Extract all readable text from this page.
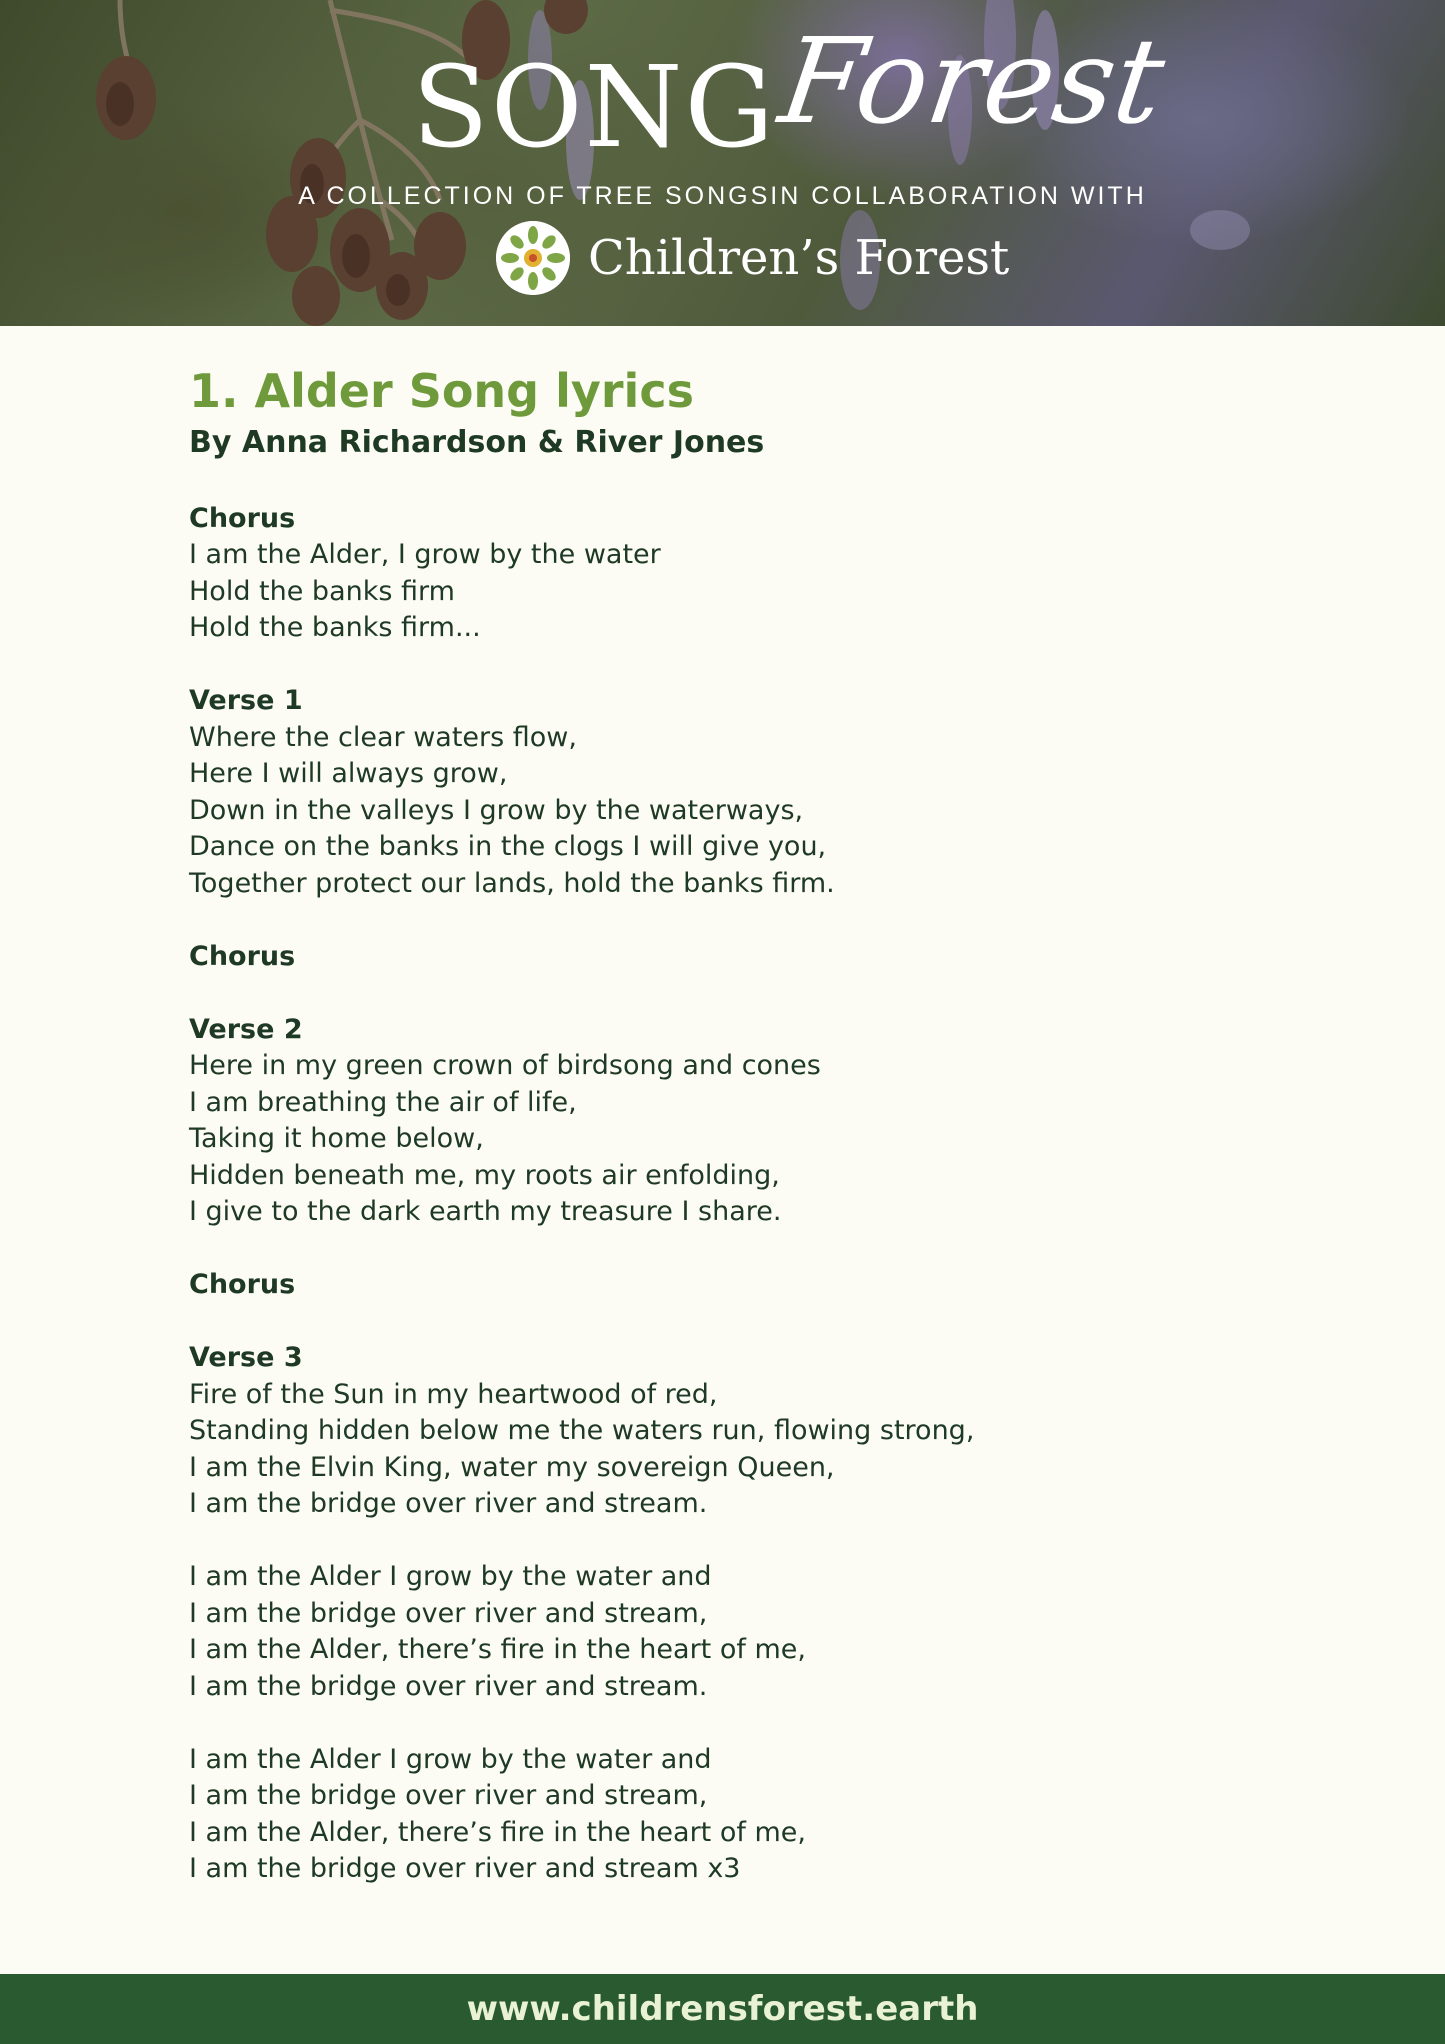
SONG
Forest
A COLLECTION OF TREE SONGSIN COLLABORATION WITH
Children’s Forest
1. Alder Song lyrics
By Anna Richardson & River Jones
Chorus
I am the Alder, I grow by the water
Hold the banks firm
Hold the banks firm...
Verse 1
Where the clear waters flow,
Here I will always grow,
Down in the valleys I grow by the waterways,
Dance on the banks in the clogs I will give you,
Together protect our lands, hold the banks firm.
Chorus
Verse 2
Here in my green crown of birdsong and cones
I am breathing the air of life,
Taking it home below,
Hidden beneath me, my roots air enfolding,
I give to the dark earth my treasure I share.
Chorus
Verse 3
Fire of the Sun in my heartwood of red,
Standing hidden below me the waters run, flowing strong,
I am the Elvin King, water my sovereign Queen,
I am the bridge over river and stream.
I am the Alder I grow by the water and
I am the bridge over river and stream,
I am the Alder, there’s fire in the heart of me,
I am the bridge over river and stream.
I am the Alder I grow by the water and
I am the bridge over river and stream,
I am the Alder, there’s fire in the heart of me,
I am the bridge over river and stream x3
www.childrensforest.earth
